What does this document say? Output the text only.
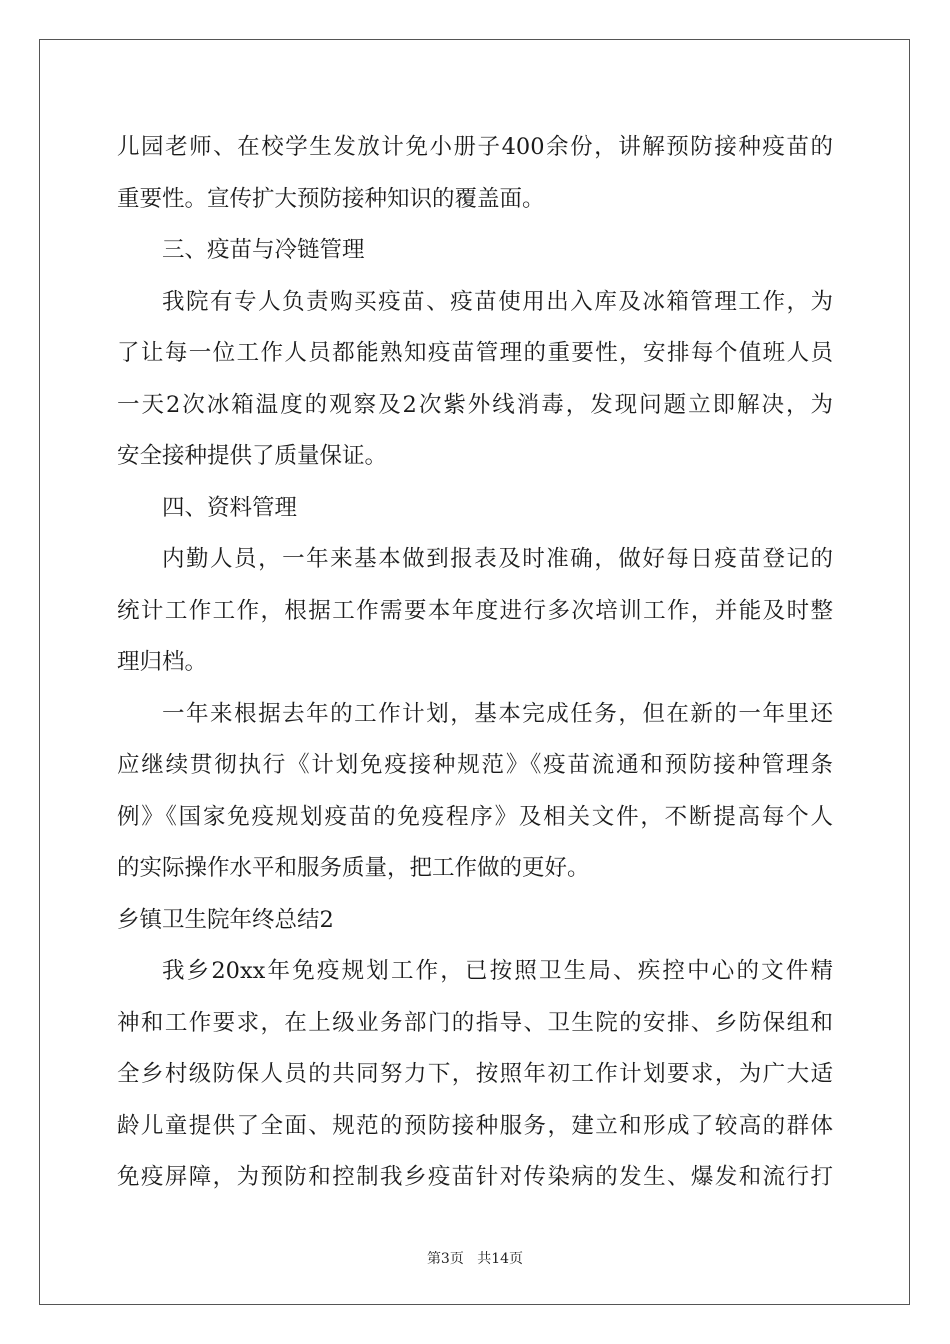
儿园老师、在校学生发放计免小册子400余份，讲解预防接种疫苗的
重要性。宣传扩大预防接种知识的覆盖面。
三、疫苗与冷链管理
我院有专人负责购买疫苗、疫苗使用出入库及冰箱管理工作，为
了让每一位工作人员都能熟知疫苗管理的重要性，安排每个值班人员
一天2次冰箱温度的观察及2次紫外线消毒，发现问题立即解决，为
安全接种提供了质量保证。
四、资料管理
内勤人员，一年来基本做到报表及时准确，做好每日疫苗登记的
统计工作工作，根据工作需要本年度进行多次培训工作，并能及时整
理归档。
一年来根据去年的工作计划，基本完成任务，但在新的一年里还
应继续贯彻执行《计划免疫接种规范》《疫苗流通和预防接种管理条
例》《国家免疫规划疫苗的免疫程序》及相关文件，不断提高每个人
的实际操作水平和服务质量，把工作做的更好。
乡镇卫生院年终总结2
我乡20xx年免疫规划工作，已按照卫生局、疾控中心的文件精
神和工作要求，在上级业务部门的指导、卫生院的安排、乡防保组和
全乡村级防保人员的共同努力下，按照年初工作计划要求，为广大适
龄儿童提供了全面、规范的预防接种服务，建立和形成了较高的群体
免疫屏障，为预防和控制我乡疫苗针对传染病的发生、爆发和流行打
第3页 共14页
